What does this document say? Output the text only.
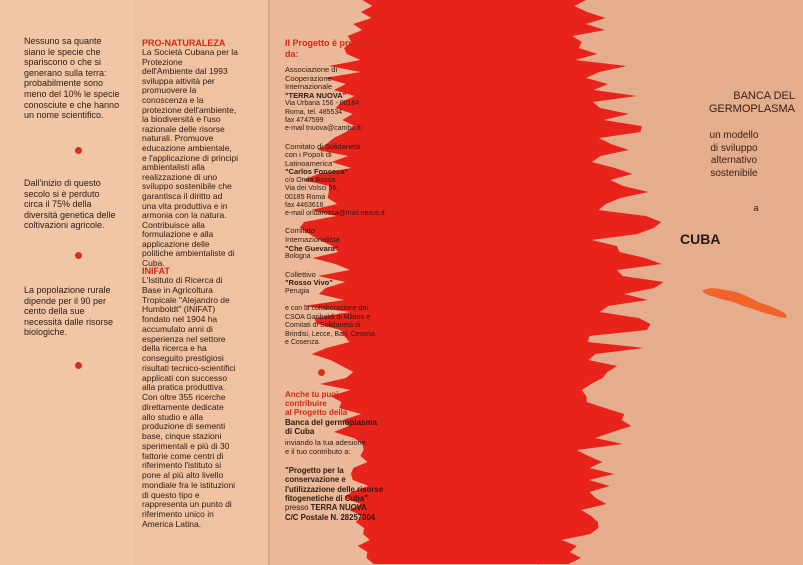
Nessuno sa quante
siano le specie che
spariscono o che si
generano sulla terra:
probabilmente sono
meno del 10% le specie
conosciute e che hanno
un nome scientifico.
Dall'inizio di questo
secolo si è perduto
circa il 75% della
diversità genetica delle
coltivazioni agricole.
La popolazione rurale
dipende per il 90 per
cento della sue
necessità dalle risorse
biologiche.
PRO-NATURALEZA
La Società Cubana per la
Protezione
dell'Ambiente dal 1993
sviluppa attività per
promuovere la
conoscenza e la
protezione dell'ambiente,
la biodiversità e l'uso
razionale delle risorse
naturali. Promuove
educazione ambientale,
e l'applicazione di principi
ambientalisti alla
realizzazione di uno
sviluppo sostenibile che
garantisca il diritto ad
una vita produttiva e in
armonia con la natura.
Contribuisce alla
formulazione e alla
applicazione delle
politiche ambientaliste di
Cuba.
INIFAT
L'Istituto di Ricerca di
Base in Agricoltura
Tropicale "Alejandro de
Humboldt" (INIFAT)
fondato nel 1904 ha
accumulato anni di
esperienza nel settore
della ricerca e ha
conseguito prestigiosi
risultati tecnico-scientifici
applicati con successo
alla pratica produttiva.
Con oltre 355 ricerche
direttamente dedicate
allo studio e alla
produzione di sementi
base, cinque stazioni
sperimentali e più di 30
fattorie come centri di
riferimento l'istituto si
pone al più alto livello
mondiale fra le istituzioni
di questo tipo e
rappresenta un punto di
riferimento unico in
America Latina.
Il Progetto è promosso
da:
Associazione di
Cooperazione
Internazionale
"TERRA NUOVA"
Via Urbana 156 - 00184
Roma, tel. 485534
fax 4747599
e-mail tnuova@cambo.it;
Comitato di Solidarietà
con i Popoli di
Latinoamerica
"Carlos Fonseca"
c/o Onda Rossa
Via dei Volsci 56,
00185 Roma
fax 4463616
e-mail ondarossa@mail.nexus.it
Comitato
Internazionalista
"Che Guevara"
Bologna
Collettivo
"Rosso Vivo"
Perugia
e con la collaborazione dei
CSOA Garibaldi di Milano e
Comitati di Solidarietà di
Brindisi, Lecce, Bari, Cesena
e Cosenza.
Anche tu puoi
contribuire
al Progetto della
Banca del germoplasma
di Cuba
inviando la tua adesione
e il tuo contributo a:
"Progetto per la
conservazione e
l'utilizzazione delle risorse
fitogenetiche di Cuba"
presso TERRA NUOVA
C/C Postale N. 28257004
BANCA DEL
GERMOPLASMA
un modello
di sviluppo
alternativo
sostenibile
a
CUBA
